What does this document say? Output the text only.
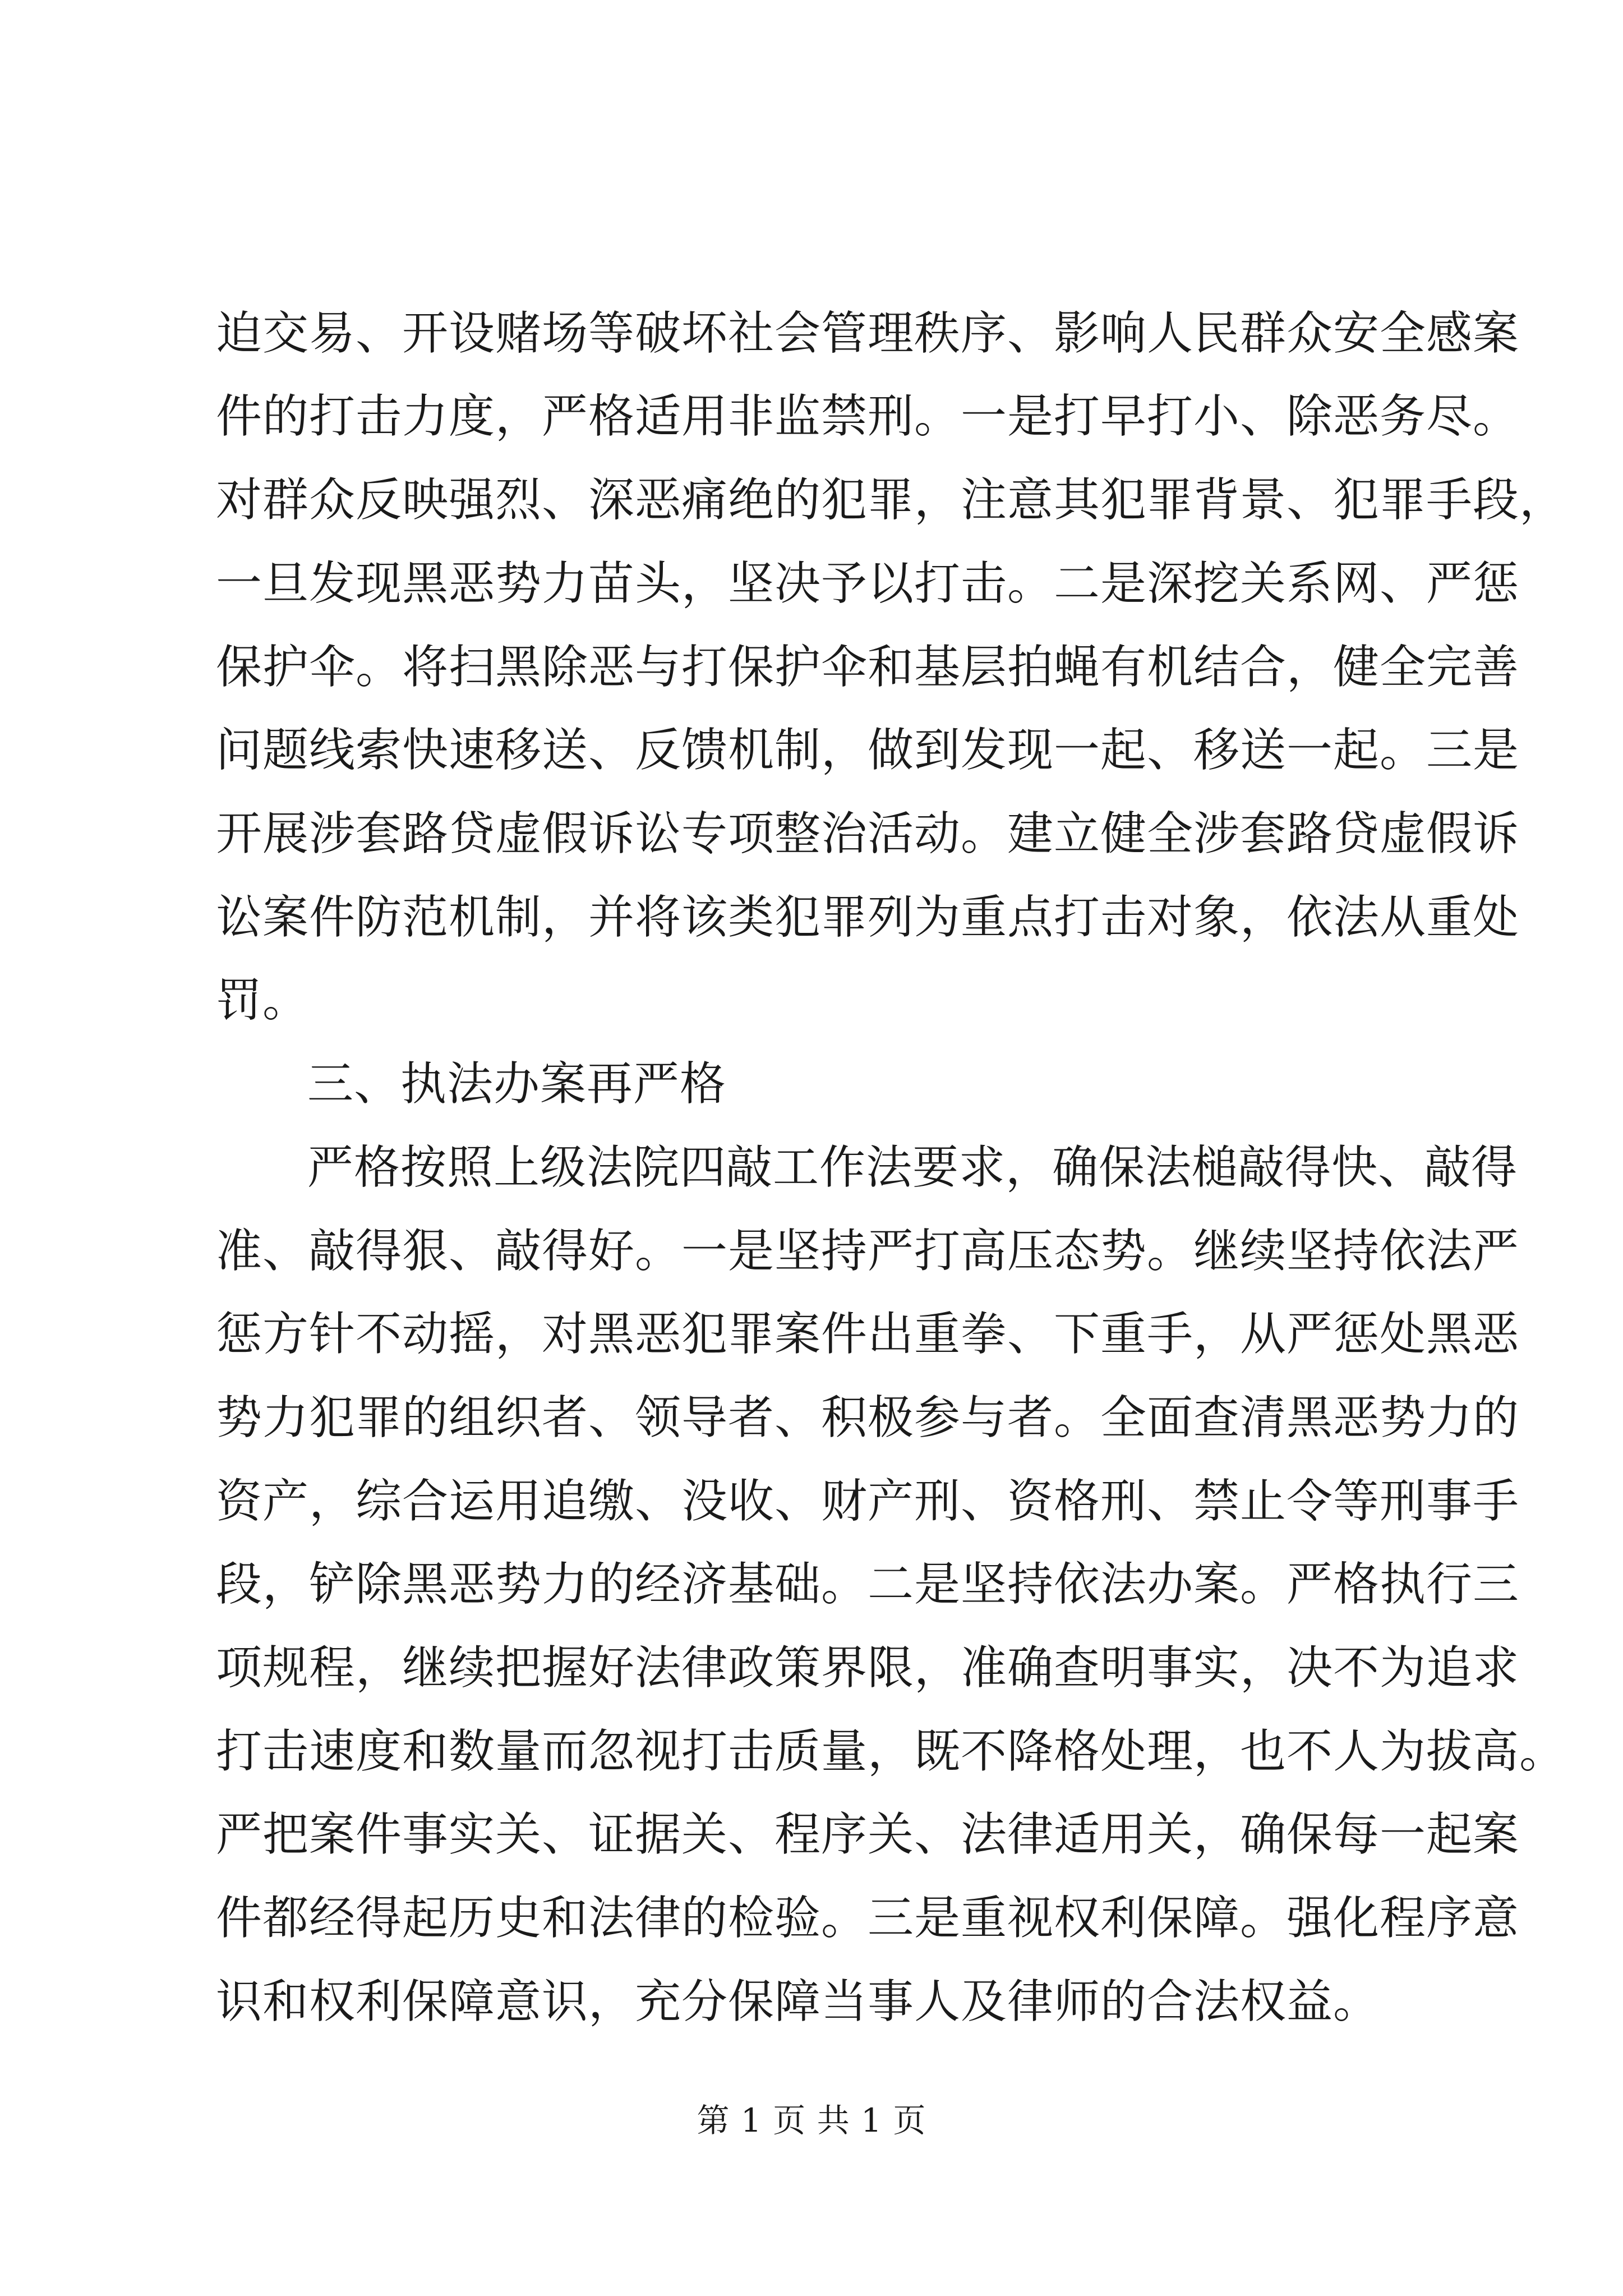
迫交易、开设赌场等破坏社会管理秩序、影响人民群众安全感案
件的打击力度，严格适用非监禁刑。一是打早打小、除恶务尽。
对群众反映强烈、深恶痛绝的犯罪，注意其犯罪背景、犯罪手段，
一旦发现黑恶势力苗头，坚决予以打击。二是深挖关系网、严惩
保护伞。将扫黑除恶与打保护伞和基层拍蝇有机结合，健全完善
问题线索快速移送、反馈机制，做到发现一起、移送一起。三是
开展涉套路贷虚假诉讼专项整治活动。建立健全涉套路贷虚假诉
讼案件防范机制，并将该类犯罪列为重点打击对象，依法从重处
罚。
三、执法办案再严格
严格按照上级法院四敲工作法要求，确保法槌敲得快、敲得
准、敲得狠、敲得好。一是坚持严打高压态势。继续坚持依法严
惩方针不动摇，对黑恶犯罪案件出重拳、下重手，从严惩处黑恶
势力犯罪的组织者、领导者、积极参与者。全面查清黑恶势力的
资产，综合运用追缴、没收、财产刑、资格刑、禁止令等刑事手
段，铲除黑恶势力的经济基础。二是坚持依法办案。严格执行三
项规程，继续把握好法律政策界限，准确查明事实，决不为追求
打击速度和数量而忽视打击质量，既不降格处理，也不人为拔高。
严把案件事实关、证据关、程序关、法律适用关，确保每一起案
件都经得起历史和法律的检验。三是重视权利保障。强化程序意
识和权利保障意识，充分保障当事人及律师的合法权益。
第 1 页 共 1 页
